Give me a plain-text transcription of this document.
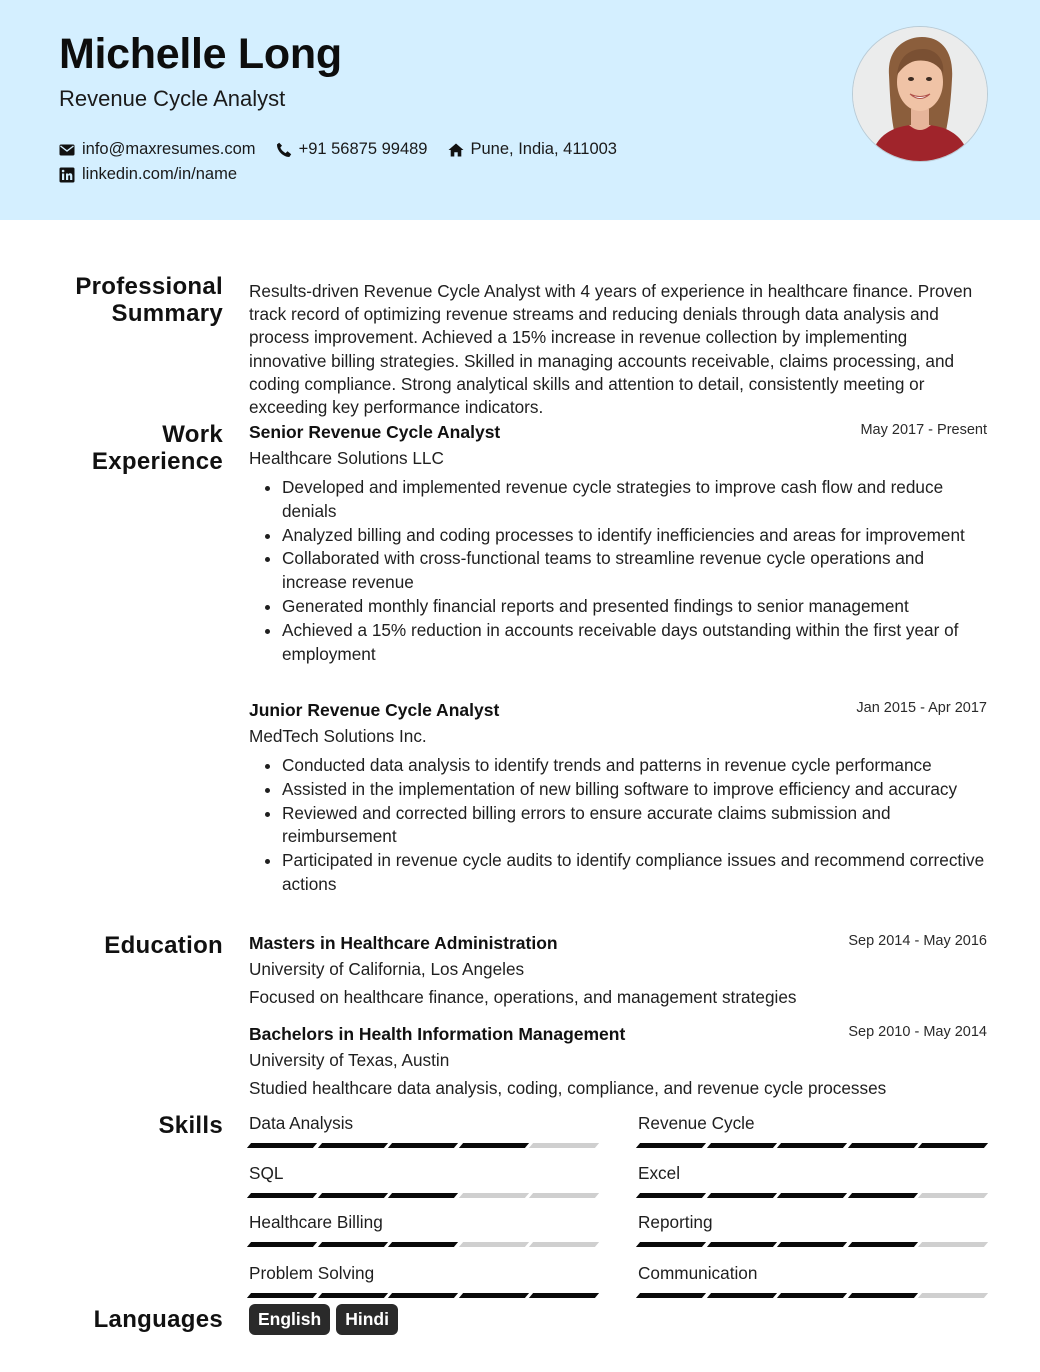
Michelle Long
Revenue Cycle Analyst
info@maxresumes.com	+91 56875 99489	Pune, India, 411003
linkedin.com/in/name
Professional
Summary

Results-driven Revenue Cycle Analyst with 4 years of experience in healthcare finance. Proven track record of optimizing revenue streams and reducing denials through data analysis and process improvement. Achieved a 15% increase in revenue collection by implementing innovative billing strategies. Skilled in managing accounts receivable, claims processing, and coding compliance. Strong analytical skills and attention to detail, consistently meeting or exceeding key performance indicators.

Work
Experience
Senior Revenue Cycle Analyst	May 2017 - Present
Healthcare Solutions LLC
• Developed and implemented revenue cycle strategies to improve cash flow and reduce denials
• Analyzed billing and coding processes to identify inefficiencies and areas for improvement
• Collaborated with cross-functional teams to streamline revenue cycle operations and increase revenue
• Generated monthly financial reports and presented findings to senior management
• Achieved a 15% reduction in accounts receivable days outstanding within the first year of employment
Junior Revenue Cycle Analyst	Jan 2015 - Apr 2017
MedTech Solutions Inc.
• Conducted data analysis to identify trends and patterns in revenue cycle performance
• Assisted in the implementation of new billing software to improve efficiency and accuracy
• Reviewed and corrected billing errors to ensure accurate claims submission and reimbursement
• Participated in revenue cycle audits to identify compliance issues and recommend corrective actions
Education Masters in Healthcare Administration	Sep 2014 - May 2016
University of California, Los Angeles
Focused on healthcare finance, operations, and management strategies
Bachelors in Health Information Management	Sep 2010 - May 2014
University of Texas, Austin
Studied healthcare data analysis, coding, compliance, and revenue cycle processes
Skills Data Analysis	Revenue Cycle
SQL	Excel
Healthcare Billing	Reporting
Problem Solving	Communication
Languages	English	Hindi
